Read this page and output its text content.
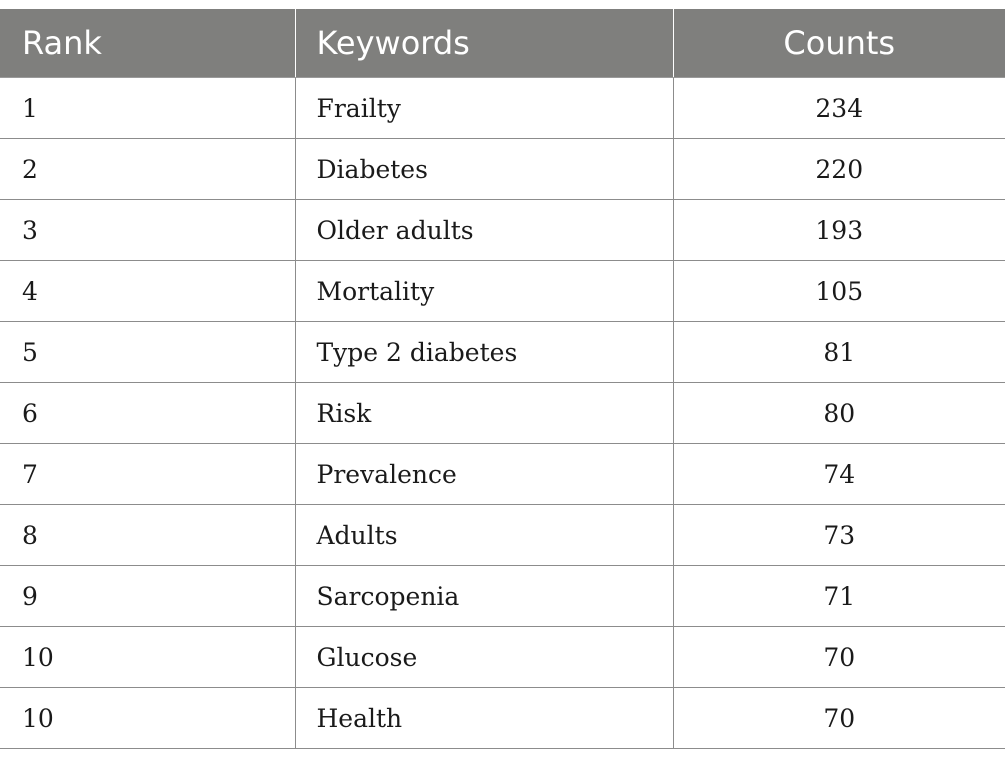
Rank	Keywords	Counts
1	Frailty	234
2	Diabetes	220
3	Older adults	193
4	Mortality	105
5	Type 2 diabetes	81
6	Risk	80
7	Prevalence	74
8	Adults	73
9	Sarcopenia	71
10	Glucose	70
10	Health	70
